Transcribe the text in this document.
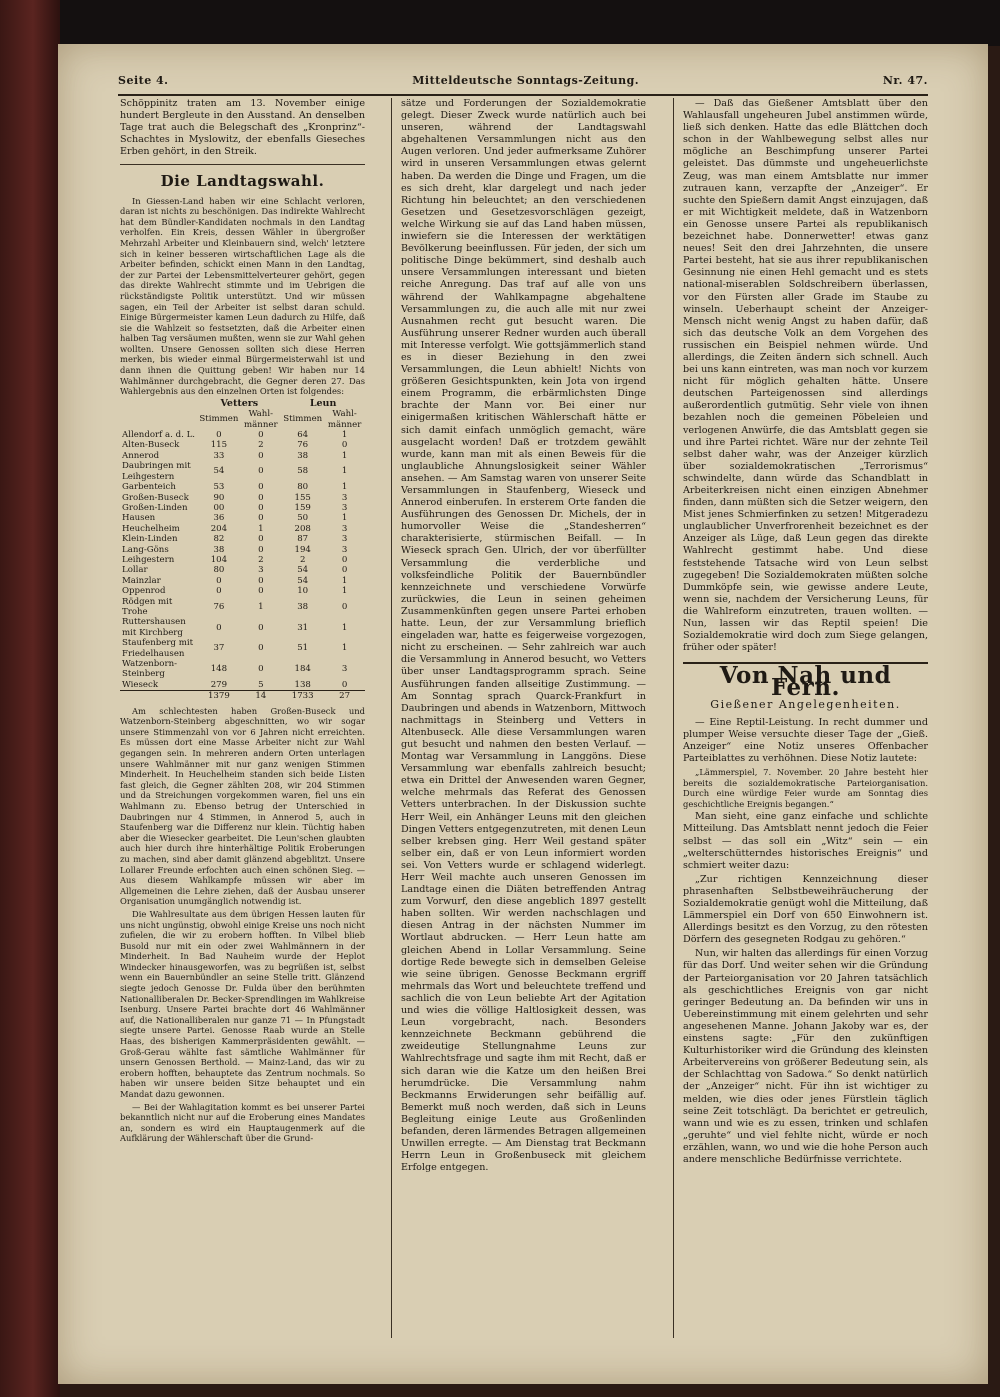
Seite 4.	Mitteldeutsche Sonntags-Zeitung.	Nr. 47.

Schöppinitz traten am 13. November einige hundert Bergleute in den Ausstand. An denselben Tage trat auch die Belegschaft des „Kronprinz“-Schachtes in Myslowitz, der ebenfalls Gieseches Erben gehört, in den Streik.

Die Landtagswahl.

In Giessen-Land haben wir eine Schlacht verloren, daran ist nichts zu beschönigen. Das indirekte Wahlrecht hat dem Bündler-Kandidaten nochmals in den Landtag verholfen. Ein Kreis, dessen Wähler in übergroßer Mehrzahl Arbeiter und Kleinbauern sind, welch' letztere sich in keiner besseren wirtschaftlichen Lage als die Arbeiter befinden, schickt einen Mann in den Landtag, der zur Partei der Lebensmittelverteurer gehört, gegen das direkte Wahlrecht stimmte und im Uebrigen die rückständigste Politik unterstützt. Und wir müssen sagen, ein Teil der Arbeiter ist selbst daran schuld. Einige Bürgermeister kamen Leun dadurch zu Hilfe, daß sie die Wahlzeit so festsetzten, daß die Arbeiter einen halben Tag versäumen mußten, wenn sie zur Wahl gehen wollten. Unsere Genossen sollten sich diese Herren merken, bis wieder einmal Bürgermeisterwahl ist und dann ihnen die Quittung geben! Wir haben nur 14 Wahlmänner durchgebracht, die Gegner deren 27. Das Wahlergebnis aus den einzelnen Orten ist folgendes:

	Vetters		Leun	
	Stimmen	Wahl-männer	Stimmen	Wahl-männer
Allendorf a. d. L.	0	0	64	1
Alten-Buseck	115	2	76	0
Annerod	33	0	38	1
Daubringen mit Leihgestern	54	0	58	1
Garbenteich	53	0	80	1
Großen-Buseck	90	0	155	3
Großen-Linden	00	0	159	3
Hausen	36	0	50	1
Heuchelheim	204	1	208	3
Klein-Linden	82	0	87	3
Lang-Göns	38	0	194	3
Leihgestern	104	2	2	0
Lollar	80	3	54	0
Mainzlar	0	0	54	1
Oppenrod	0	0	10	1
Rödgen mit Trohe	76	1	38	0
Ruttershausen mit Kirchberg	0	0	31	1
Staufenberg mit Friedelhausen	37	0	51	1
Watzenborn-Steinberg	148	0	184	3
Wieseck	279	5	138	0
	1379	14	1733	27

Am schlechtesten haben Großen-Buseck und Watzenborn-Steinberg abgeschnitten, wo wir sogar unsere Stimmenzahl von vor 6 Jahren nicht erreichten. Es müssen dort eine Masse Arbeiter nicht zur Wahl gegangen sein. In mehreren andern Orten unterlagen unsere Wahlmänner mit nur ganz wenigen Stimmen Minderheit. In Heuchelheim standen sich beide Listen fast gleich, die Gegner zählten 208, wir 204 Stimmen und da Streichungen vorgekommen waren, fiel uns ein Wahlmann zu. Ebenso betrug der Unterschied in Daubringen nur 4 Stimmen, in Annerod 5, auch in Staufenberg war die Differenz nur klein. Tüchtig haben aber die Wiesecker gearbeitet. Die Leun'schen glaubten auch hier durch ihre hinterhältige Politik Eroberungen zu machen, sind aber damit glänzend abgeblitzt. Unsere Lollarer Freunde erfochten auch einen schönen Sieg. — Aus diesem Wahlkampfe müssen wir aber im Allgemeinen die Lehre ziehen, daß der Ausbau unserer Organisation unumgänglich notwendig ist.

Die Wahlresultate aus dem übrigen Hessen lauten für uns nicht ungünstig, obwohl einige Kreise uns noch nicht zufielen, die wir zu erobern hofften. In Vilbel blieb Busold nur mit ein oder zwei Wahlmännern in der Minderheit. In Bad Nauheim wurde der Heplot Windecker hinausgeworfen, was zu begrüßen ist, selbst wenn ein Bauernbündler an seine Stelle tritt. Glänzend siegte jedoch Genosse Dr. Fulda über den berühmten Nationalliberalen Dr. Becker-Sprendlingen im Wahlkreise Isenburg. Unsere Partei brachte dort 46 Wahlmänner auf, die Nationalliberalen nur ganze 71 — In Pfungstadt siegte unsere Partei. Genosse Raab wurde an Stelle Haas, des bisherigen Kammerpräsidenten gewählt. — Groß-Gerau wählte fast sämtliche Wahlmänner für unsern Genossen Berthold. — Mainz-Land, das wir zu erobern hofften, behauptete das Zentrum nochmals. So haben wir unsere beiden Sitze behauptet und ein Mandat dazu gewonnen.

— Bei der Wahlagitation kommt es bei unserer Partei bekanntlich nicht nur auf die Eroberung eines Mandates an, sondern es wird ein Hauptaugenmerk auf die Aufklärung der Wählerschaft über die Grund-

sätze und Forderungen der Sozialdemokratie gelegt. Dieser Zweck wurde natürlich auch bei unseren, während der Landtagswahl abgehaltenen Versammlungen nicht aus den Augen verloren. Und jeder aufmerksame Zuhörer wird in unseren Versammlungen etwas gelernt haben. Da werden die Dinge und Fragen, um die es sich dreht, klar dargelegt und nach jeder Richtung hin beleuchtet; an den verschiedenen Gesetzen und Gesetzesvorschlägen gezeigt, welche Wirkung sie auf das Land haben müssen, inwiefern sie die Interessen der werktätigen Bevölkerung beeinflussen. Für jeden, der sich um politische Dinge bekümmert, sind deshalb auch unsere Versammlungen interessant und bieten reiche Anregung. Das traf auf alle von uns während der Wahlkampagne abgehaltene Versammlungen zu, die auch alle mit nur zwei Ausnahmen recht gut besucht waren. Die Ausführung unserer Redner wurden auch überall mit Interesse verfolgt. Wie gottsjämmerlich stand es in dieser Beziehung in den zwei Versammlungen, die Leun abhielt! Nichts von größeren Gesichtspunkten, kein Jota von irgend einem Programm, die erbärmlichsten Dinge brachte der Mann vor. Bei einer nur einigermaßen kritischen Wählerschaft hätte er sich damit einfach unmöglich gemacht, wäre ausgelacht worden! Daß er trotzdem gewählt wurde, kann man mit als einen Beweis für die unglaubliche Ahnungslosigkeit seiner Wähler ansehen. — Am Samstag waren von unserer Seite Versammlungen in Staufenberg, Wieseck und Annerod einberufen. In ersterem Orte fanden die Ausführungen des Genossen Dr. Michels, der in humorvoller Weise die „Standesherren“ charakterisierte, stürmischen Beifall. — In Wieseck sprach Gen. Ulrich, der vor überfüllter Versammlung die verderbliche und volksfeindliche Politik der Bauernbündler kennzeichnete und verschiedene Vorwürfe zurückwies, die Leun in seinen geheimen Zusammenkünften gegen unsere Partei erhoben hatte. Leun, der zur Versammlung brieflich eingeladen war, hatte es feigerweise vorgezogen, nicht zu erscheinen. — Sehr zahlreich war auch die Versammlung in Annerod besucht, wo Vetters über unser Landtagsprogramm sprach. Seine Ausführungen fanden allseitige Zustimmung. — Am Sonntag sprach Quarck-Frankfurt in Daubringen und abends in Watzenborn, Mittwoch nachmittags in Steinberg und Vetters in Altenbuseck. Alle diese Versammlungen waren gut besucht und nahmen den besten Verlauf. — Montag war Versammlung in Langgöns. Diese Versammlung war ebenfalls zahlreich besucht; etwa ein Drittel der Anwesenden waren Gegner, welche mehrmals das Referat des Genossen Vetters unterbrachen. In der Diskussion suchte Herr Weil, ein Anhänger Leuns mit den gleichen Dingen Vetters entgegenzutreten, mit denen Leun selber krebsen ging. Herr Weil gestand später selber ein, daß er von Leun informiert worden sei. Von Vetters wurde er schlagend widerlegt. Herr Weil machte auch unseren Genossen im Landtage einen die Diäten betreffenden Antrag zum Vorwurf, den diese angeblich 1897 gestellt haben sollten. Wir werden nachschlagen und diesen Antrag in der nächsten Nummer im Wortlaut abdrucken. — Herr Leun hatte am gleichen Abend in Lollar Versammlung. Seine dortige Rede bewegte sich in demselben Geleise wie seine übrigen. Genosse Beckmann ergriff mehrmals das Wort und beleuchtete treffend und sachlich die von Leun beliebte Art der Agitation und wies die völlige Haltlosigkeit dessen, was Leun vorgebracht, nach. Besonders kennzeichnete Beckmann gebührend die zweideutige Stellungnahme Leuns zur Wahlrechtsfrage und sagte ihm mit Recht, daß er sich daran wie die Katze um den heißen Brei herumdrücke. Die Versammlung nahm Beckmanns Erwiderungen sehr beifällig auf. Bemerkt muß noch werden, daß sich in Leuns Begleitung einige Leute aus Großenlinden befanden, deren lärmendes Betragen allgemeinen Unwillen erregte. — Am Dienstag trat Beckmann Herrn Leun in Großenbuseck mit gleichem Erfolge entgegen.

— Daß das Gießener Amtsblatt über den Wahlausfall ungeheuren Jubel anstimmen würde, ließ sich denken. Hatte das edle Blättchen doch schon in der Wahlbewegung selbst alles nur mögliche an Beschimpfung unserer Partei geleistet. Das dümmste und ungeheuerlichste Zeug, was man einem Amtsblatte nur immer zutrauen kann, verzapfte der „Anzeiger“. Er suchte den Spießern damit Angst einzujagen, daß er mit Wichtigkeit meldete, daß in Watzenborn ein Genosse unsere Partei als republikanisch bezeichnet habe. Donnerwetter! etwas ganz neues! Seit den drei Jahrzehnten, die unsere Partei besteht, hat sie aus ihrer republikanischen Gesinnung nie einen Hehl gemacht und es stets national-miserablen Soldschreibern überlassen, vor den Fürsten aller Grade im Staube zu winseln. Ueberhaupt scheint der Anzeiger-Mensch nicht wenig Angst zu haben dafür, daß sich das deutsche Volk an dem Vorgehen des russischen ein Beispiel nehmen würde. Und allerdings, die Zeiten ändern sich schnell. Auch bei uns kann eintreten, was man noch vor kurzem nicht für möglich gehalten hätte. Unsere deutschen Parteigenossen sind allerdings außerordentlich gutmütig. Sehr viele von ihnen bezahlen noch die gemeinen Pöbeleien und verlogenen Anwürfe, die das Amtsblatt gegen sie und ihre Partei richtet. Wäre nur der zehnte Teil selbst daher wahr, was der Anzeiger kürzlich über sozialdemokratischen „Terrorismus“ schwindelte, dann würde das Schandblatt in Arbeiterkreisen nicht einen einzigen Abnehmer finden, dann müßten sich die Setzer weigern, den Mist jenes Schmierfinken zu setzen! Mitgeradezu unglaublicher Unverfrorenheit bezeichnet es der Anzeiger als Lüge, daß Leun gegen das direkte Wahlrecht gestimmt habe. Und diese feststehende Tatsache wird von Leun selbst zugegeben! Die Sozialdemokraten müßten solche Dummköpfe sein, wie gewisse andere Leute, wenn sie, nachdem der Versicherung Leuns, für die Wahlreform einzutreten, trauen wollten. — Nun, lassen wir das Reptil speien! Die Sozialdemokratie wird doch zum Siege gelangen, früher oder später!

Von Nah und Fern.
Gießener Angelegenheiten.

— Eine Reptil-Leistung. In recht dummer und plumper Weise versuchte dieser Tage der „Gieß. Anzeiger“ eine Notiz unseres Offenbacher Parteiblattes zu verhöhnen. Diese Notiz lautete:

„Lämmerspiel, 7. November. 20 Jahre besteht hier bereits die sozialdemokratische Parteiorganisation. Durch eine würdige Feier wurde am Sonntag dies geschichtliche Ereignis begangen.“

Man sieht, eine ganz einfache und schlichte Mitteilung. Das Amtsblatt nennt jedoch die Feier selbst — das soll ein „Witz“ sein — ein „welterschütterndes historisches Ereignis“ und schmiert weiter dazu:

„Zur richtigen Kennzeichnung dieser phrasenhaften Selbstbeweihräucherung der Sozialdemokratie genügt wohl die Mitteilung, daß Lämmerspiel ein Dorf von 650 Einwohnern ist. Allerdings besitzt es den Vorzug, zu den rötesten Dörfern des gesegneten Rodgau zu gehören.“

Nun, wir halten das allerdings für einen Vorzug für das Dorf. Und weiter sehen wir die Gründung der Parteiorganisation vor 20 Jahren tatsächlich als geschichtliches Ereignis von gar nicht geringer Bedeutung an. Da befinden wir uns in Uebereinstimmung mit einem gelehrten und sehr angesehenen Manne. Johann Jakoby war es, der einstens sagte: „Für den zukünftigen Kulturhistoriker wird die Gründung des kleinsten Arbeitervereins von größerer Bedeutung sein, als der Schlachttag von Sadowa.“ So denkt natürlich der „Anzeiger“ nicht. Für ihn ist wichtiger zu melden, wie dies oder jenes Fürstlein täglich seine Zeit totschlägt. Da berichtet er getreulich, wann und wie es zu essen, trinken und schlafen „geruhte“ und viel fehlte nicht, würde er noch erzählen, wann, wo und wie die hohe Person auch andere menschliche Bedürfnisse verrichtete.
